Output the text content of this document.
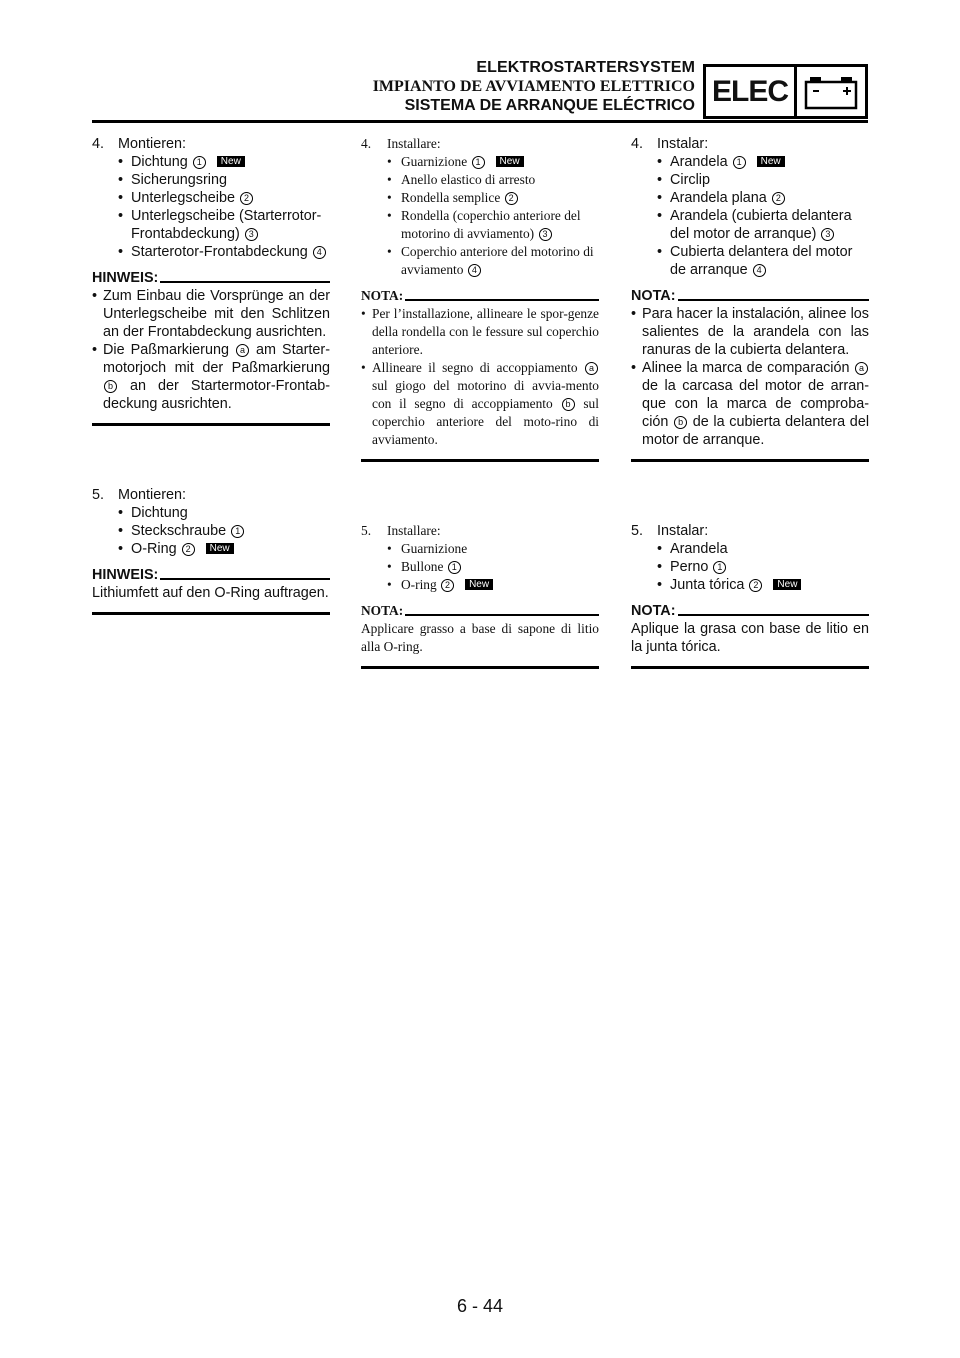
ELEKTROSTARTERSYSTEM
IMPIANTO DE AVVIAMENTO ELETTRICO
SISTEMA DE ARRANQUE ELÉCTRICO ELEC

4. Montieren:

• Dichtung 1 New
• Sicherungsring
• Unterlegscheibe 2
• Unterlegscheibe (Starterrotor-Frontabdeckung) 3
• Starterotor-Frontabdeckung 4
HINWEIS:
• Zum Einbau die Vorsprünge an der Unterlegscheibe mit den Schlitzen an der Frontabdeckung ausrichten.
• Die Paßmarkierung a am Starter-motorjoch mit der Paßmarkierung b an der Startermotor-Frontab-deckung ausrichten.

5. Montieren:

• Dichtung
• Steckschraube 1
• O-Ring 2 New
HINWEIS:
Lithiumfett auf den O-Ring auftragen.

4. Installare:

• Guarnizione 1 New
• Anello elastico di arresto
• Rondella semplice 2
• Rondella (coperchio anteriore del motorino di avviamento) 3
• Coperchio anteriore del motorino di avviamento 4
NOTA:
• Per l’installazione, allineare le spor-genze della rondella con le fessure sul coperchio anteriore.
• Allineare il segno di accoppiamento a sul giogo del motorino di avvia-mento con il segno di accoppiamento b sul coperchio anteriore del moto-rino di avviamento.

5. Installare:

• Guarnizione
• Bullone 1
• O-ring 2 New
NOTA:
Applicare grasso a base di sapone di litio alla O-ring.

4. Instalar:

• Arandela 1 New
• Circlip
• Arandela plana 2
• Arandela (cubierta delantera del motor de arranque) 3
• Cubierta delantera del motor de arranque 4
NOTA:
• Para hacer la instalación, alinee los salientes de la arandela con las ranuras de la cubierta delantera.
• Alinee la marca de comparación a de la carcasa del motor de arran-que con la marca de comproba-ción b de la cubierta delantera del motor de arranque.

5. Instalar:

• Arandela
• Perno 1
• Junta tórica 2 New
NOTA:
Aplique la grasa con base de litio en la junta tórica.
6 - 44
